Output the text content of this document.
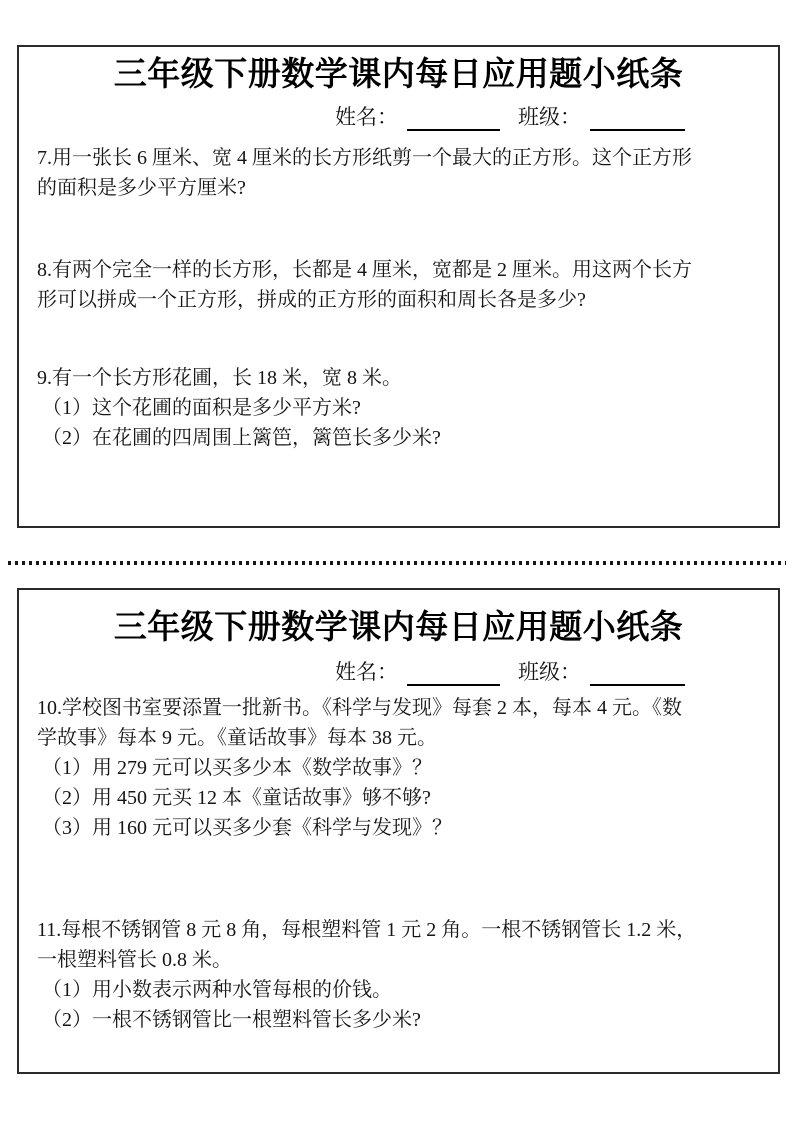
三年级下册数学课内每日应用题小纸条
姓名：	班级：
7.用一张长 6 厘米、宽 4 厘米的长方形纸剪一个最大的正方形。这个正方形
的面积是多少平方厘米?
8.有两个完全一样的长方形，长都是 4 厘米，宽都是 2 厘米。用这两个长方
形可以拼成一个正方形，拼成的正方形的面积和周长各是多少?
9.有一个长方形花圃，长 18 米，宽 8 米。
（1）这个花圃的面积是多少平方米?
（2）在花圃的四周围上篱笆，篱笆长多少米?
三年级下册数学课内每日应用题小纸条
姓名：	班级：
10.学校图书室要添置一批新书。《科学与发现》每套 2 本，每本 4 元。《数
学故事》每本 9 元。《童话故事》每本 38 元。
（1）用 279 元可以买多少本《数学故事》？
（2）用 450 元买 12 本《童话故事》够不够?
（3）用 160 元可以买多少套《科学与发现》？
11.每根不锈钢管 8 元 8 角，每根塑料管 1 元 2 角。一根不锈钢管长 1.2 米，
一根塑料管长 0.8 米。
（1）用小数表示两种水管每根的价钱。
（2）一根不锈钢管比一根塑料管长多少米?
